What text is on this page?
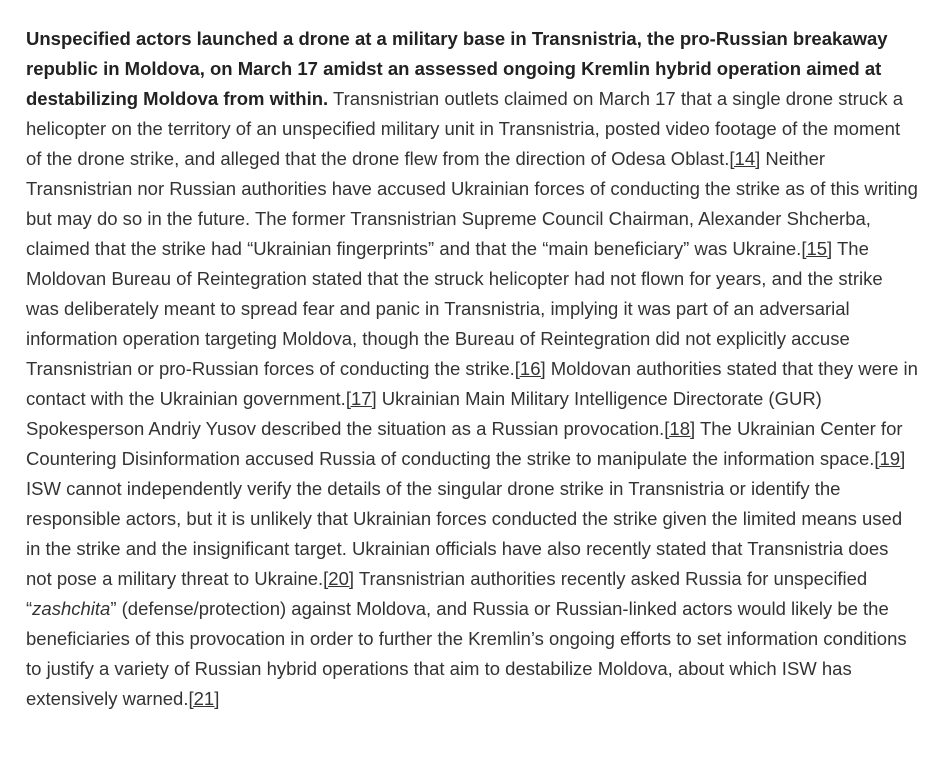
Unspecified actors launched a drone at a military base in Transnistria, the pro-Russian breakaway republic in Moldova, on March 17 amidst an assessed ongoing Kremlin hybrid operation aimed at destabilizing Moldova from within. Transnistrian outlets claimed on March 17 that a single drone struck a helicopter on the territory of an unspecified military unit in Transnistria, posted video footage of the moment of the drone strike, and alleged that the drone flew from the direction of Odesa Oblast.[14] Neither Transnistrian nor Russian authorities have accused Ukrainian forces of conducting the strike as of this writing but may do so in the future. The former Transnistrian Supreme Council Chairman, Alexander Shcherba, claimed that the strike had “Ukrainian fingerprints” and that the “main beneficiary” was Ukraine.[15] The Moldovan Bureau of Reintegration stated that the struck helicopter had not flown for years, and the strike was deliberately meant to spread fear and panic in Transnistria, implying it was part of an adversarial information operation targeting Moldova, though the Bureau of Reintegration did not explicitly accuse Transnistrian or pro-Russian forces of conducting the strike.[16] Moldovan authorities stated that they were in contact with the Ukrainian government.[17] Ukrainian Main Military Intelligence Directorate (GUR) Spokesperson Andriy Yusov described the situation as a Russian provocation.[18] The Ukrainian Center for Countering Disinformation accused Russia of conducting the strike to manipulate the information space.[19] ISW cannot independently verify the details of the singular drone strike in Transnistria or identify the responsible actors, but it is unlikely that Ukrainian forces conducted the strike given the limited means used in the strike and the insignificant target. Ukrainian officials have also recently stated that Transnistria does not pose a military threat to Ukraine.[20] Transnistrian authorities recently asked Russia for unspecified “zashchita” (defense/protection) against Moldova, and Russia or Russian-linked actors would likely be the beneficiaries of this provocation in order to further the Kremlin’s ongoing efforts to set information conditions to justify a variety of Russian hybrid operations that aim to destabilize Moldova, about which ISW has extensively warned.[21]
